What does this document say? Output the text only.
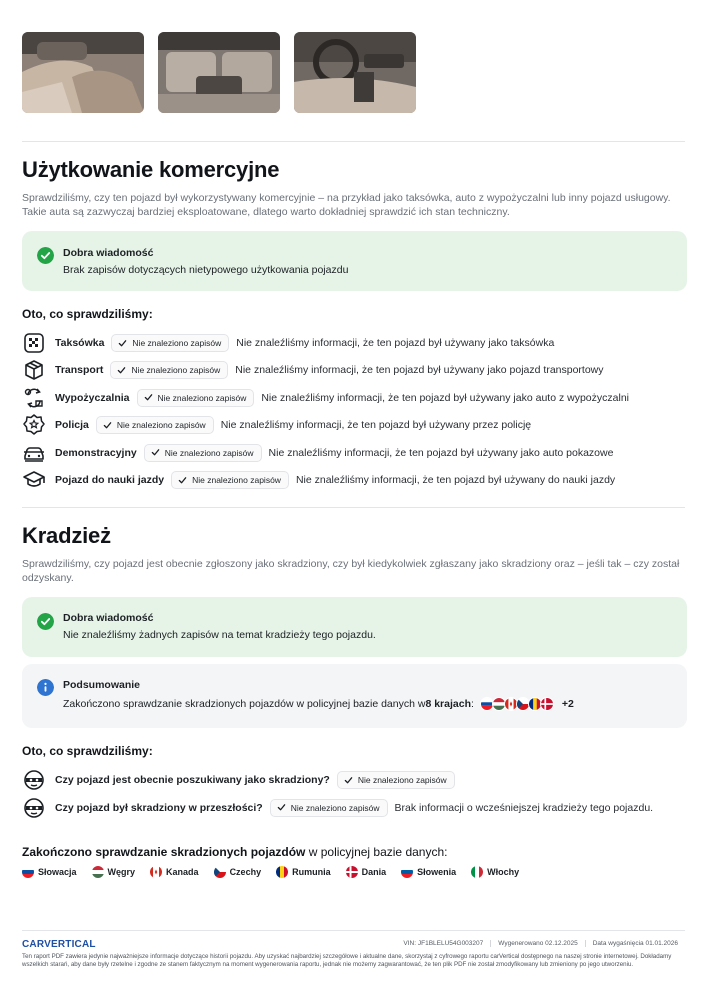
Użytkowanie komercyjne
Sprawdziliśmy, czy ten pojazd był wykorzystywany komercyjnie – na przykład jako taksówka, auto z wypożyczalni lub inny pojazd usługowy. Takie auta są zazwyczaj bardziej eksploatowane, dlatego warto dokładniej sprawdzić ich stan techniczny.
Dobra wiadomość
Brak zapisów dotyczących nietypowego użytkowania pojazdu
Oto, co sprawdziliśmy:
Taksówka	Nie znaleziono zapisów Nie znaleźliśmy informacji, że ten pojazd był używany jako taksówka
Transport	Nie znaleziono zapisów Nie znaleźliśmy informacji, że ten pojazd był używany jako pojazd transportowy
Wypożyczalnia	Nie znaleziono zapisów Nie znaleźliśmy informacji, że ten pojazd był używany jako auto z wypożyczalni
Policja	Nie znaleziono zapisów Nie znaleźliśmy informacji, że ten pojazd był używany przez policję
Demonstracyjny	Nie znaleziono zapisów Nie znaleźliśmy informacji, że ten pojazd był używany jako auto pokazowe
Pojazd do nauki jazdy	Nie znaleziono zapisów Nie znaleźliśmy informacji, że ten pojazd był używany do nauki jazdy
Kradzież
Sprawdziliśmy, czy pojazd jest obecnie zgłoszony jako skradziony, czy był kiedykolwiek zgłaszany jako skradziony oraz – jeśli tak – czy został odzyskany.
Dobra wiadomość
Nie znaleźliśmy żadnych zapisów na temat kradzieży tego pojazdu.
Podsumowanie
Zakończono sprawdzanie skradzionych pojazdów w policyjnej bazie danych w 8 krajach :	+2
Oto, co sprawdziliśmy:
Czy pojazd jest obecnie poszukiwany jako skradziony?	Nie znaleziono zapisów
Czy pojazd był skradziony w przeszłości?	Nie znaleziono zapisów Brak informacji o wcześniejszej kradzieży tego pojazdu.
Zakończono sprawdzanie skradzionych pojazdów w policyjnej bazie danych:
Słowacja	Węgry	Kanada	Czechy	Rumunia	Dania	Słowenia	Włochy
CARVERTICAL	VIN: JF1BLELU54G003207	Wygenerowano 02.12.2025	Data wygaśnięcia 01.01.2026
Ten raport PDF zawiera jedynie najważniejsze informacje dotyczące historii pojazdu. Aby uzyskać najbardziej szczegółowe i aktualne dane, skorzystaj z cyfrowego raportu carVertical dostępnego na naszej stronie internetowej. Dokładamy wszelkich starań, aby dane były rzetelne i zgodne ze stanem faktycznym na moment wygenerowania raportu, jednak nie możemy zagwarantować, że ten plik PDF nie został zmodyfikowany lub zmieniony po jego utworzeniu.
